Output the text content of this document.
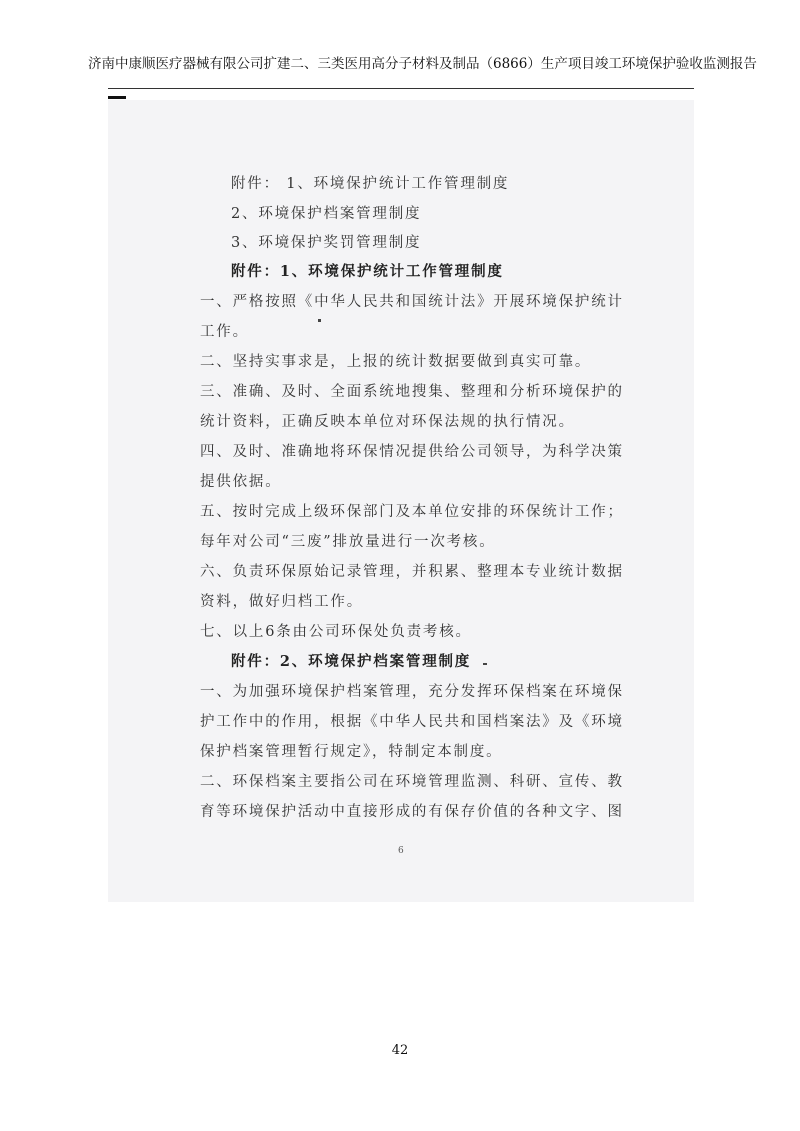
济南中康顺医疗器械有限公司扩建二、三类医用高分子材料及制品（6866）生产项目竣工环境保护验收监测报告
附件： 1、环境保护统计工作管理制度
2、环境保护档案管理制度
3、环境保护奖罚管理制度
附件：1、环境保护统计工作管理制度
一、严格按照《中华人民共和国统计法》开展环境保护统计
工作。
二、坚持实事求是，上报的统计数据要做到真实可靠。
三、准确、及时、全面系统地搜集、整理和分析环境保护的
统计资料，正确反映本单位对环保法规的执行情况。
四、及时、准确地将环保情况提供给公司领导，为科学决策
提供依据。
五、按时完成上级环保部门及本单位安排的环保统计工作；
每年对公司“三废”排放量进行一次考核。
六、负责环保原始记录管理，并积累、整理本专业统计数据
资料，做好归档工作。
七、以上6条由公司环保处负责考核。
附件：2、环境保护档案管理制度
一、为加强环境保护档案管理，充分发挥环保档案在环境保
护工作中的作用，根据《中华人民共和国档案法》及《环境
保护档案管理暂行规定》，特制定本制度。
二、环保档案主要指公司在环境管理监测、科研、宣传、教
育等环境保护活动中直接形成的有保存价值的各种文字、图
6
42
